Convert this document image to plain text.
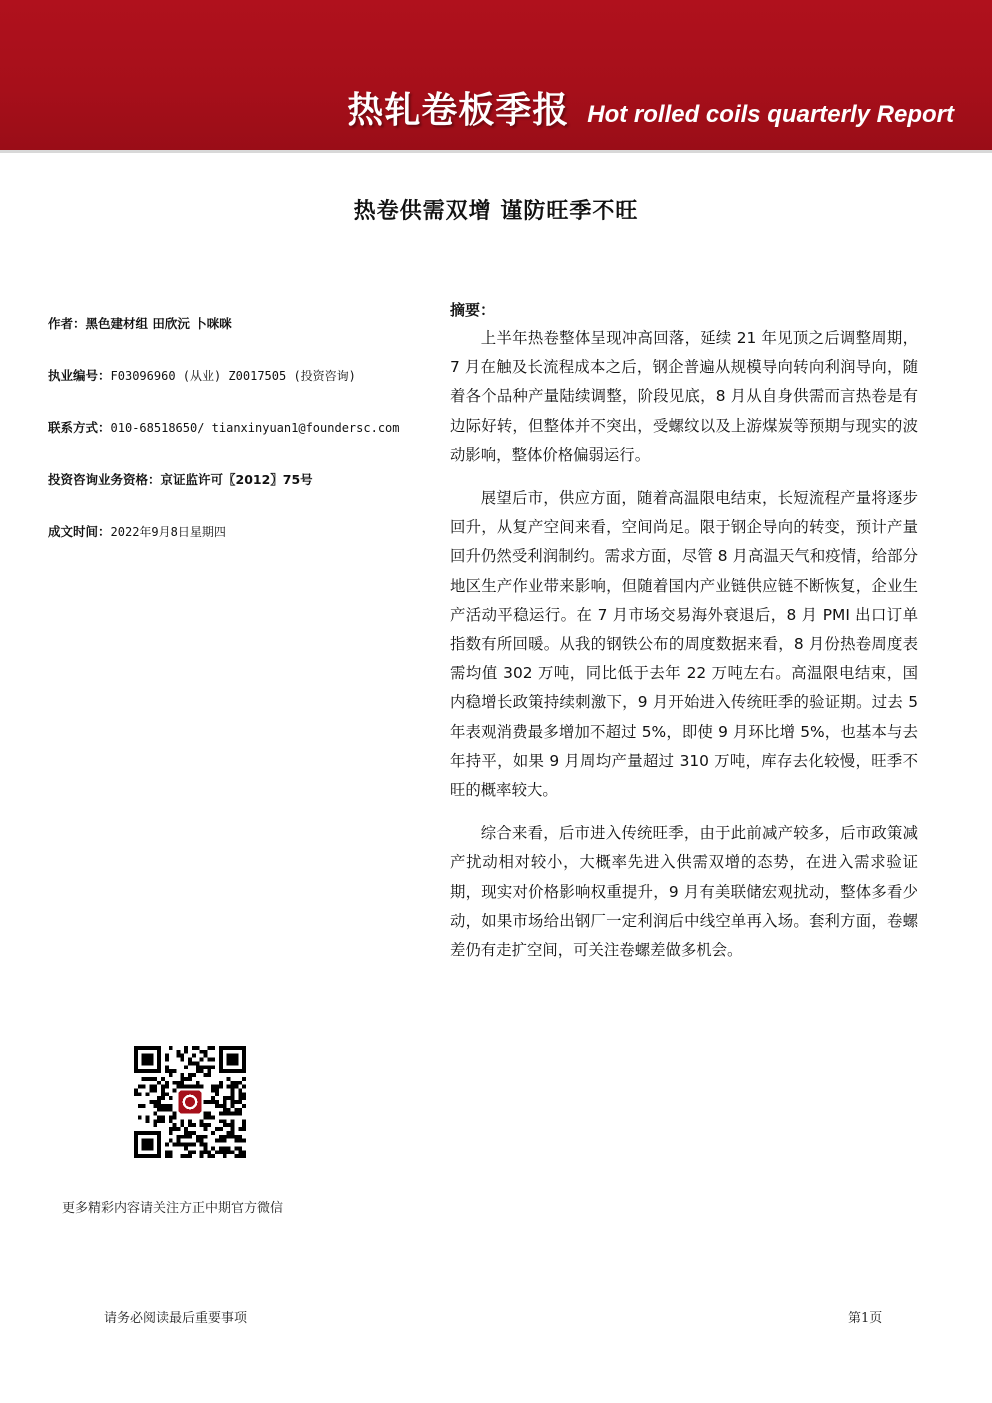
热轧卷板季报 Hot rolled coils quarterly Report
热卷供需双增 谨防旺季不旺
作者：黑色建材组 田欣沅 卜咪咪
执业编号：F03096960 (从业) Z0017505 (投资咨询)
联系方式：010-68518650/ tianxinyuan1@foundersc.com
投资咨询业务资格：京证监许可〖2012〗75号
成文时间：2022年9月8日星期四
摘要：

上半年热卷整体呈现冲高回落，延续 21 年见顶之后调整周期，7 月在触及长流程成本之后，钢企普遍从规模导向转向利润导向，随着各个品种产量陆续调整，阶段见底，8 月从自身供需而言热卷是有边际好转，但整体并不突出，受螺纹以及上游煤炭等预期与现实的波动影响，整体价格偏弱运行。

展望后市，供应方面，随着高温限电结束，长短流程产量将逐步回升，从复产空间来看，空间尚足。限于钢企导向的转变，预计产量回升仍然受利润制约。需求方面，尽管 8 月高温天气和疫情，给部分地区生产作业带来影响，但随着国内产业链供应链不断恢复，企业生产活动平稳运行。在 7 月市场交易海外衰退后，8 月 PMI 出口订单指数有所回暖。从我的钢铁公布的周度数据来看，8 月份热卷周度表需均值 302 万吨，同比低于去年 22 万吨左右。高温限电结束，国内稳增长政策持续刺激下，9 月开始进入传统旺季的验证期。过去 5 年表观消费最多增加不超过 5%，即使 9 月环比增 5%，也基本与去年持平，如果 9 月周均产量超过 310 万吨，库存去化较慢，旺季不旺的概率较大。

综合来看，后市进入传统旺季，由于此前减产较多，后市政策减产扰动相对较小，大概率先进入供需双增的态势，在进入需求验证期，现实对价格影响权重提升，9 月有美联储宏观扰动，整体多看少动，如果市场给出钢厂一定利润后中线空单再入场。套利方面，卷螺差仍有走扩空间，可关注卷螺差做多机会。

更多精彩内容请关注方正中期官方微信
请务必阅读最后重要事项	第1页
